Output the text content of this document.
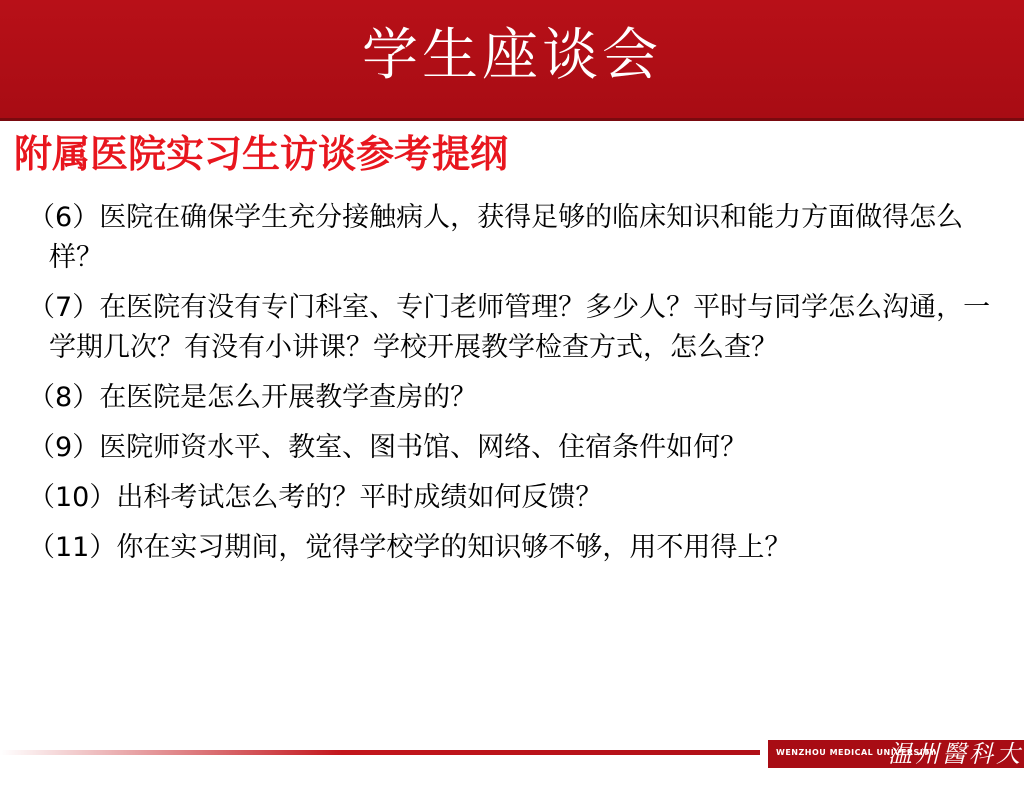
学生座谈会
附属医院实习生访谈参考提纲
（6）医院在确保学生充分接触病人，获得足够的临床知识和能力方面做得怎么样？
（7）在医院有没有专门科室、专门老师管理？多少人？平时与同学怎么沟通，一学期几次？有没有小讲课？学校开展教学检查方式，怎么查？
（8）在医院是怎么开展教学查房的？
（9）医院师资水平、教室、图书馆、网络、住宿条件如何？
（10）出科考试怎么考的？平时成绩如何反馈？
（11）你在实习期间，觉得学校学的知识够不够，用不用得上？
WENZHOU MEDICAL UNIVERSITY
温州醫科大學
